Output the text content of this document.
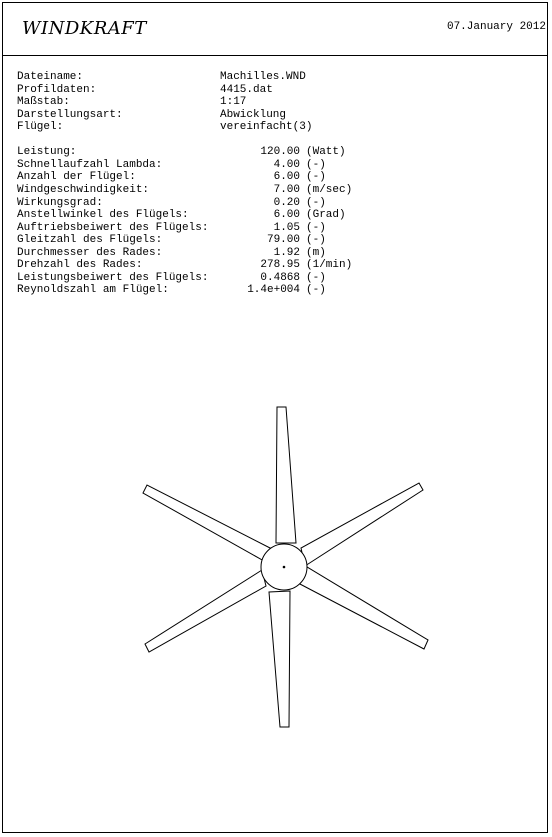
WINDKRAFT	07.January 2012
Dateiname:	Machilles.WND
Profildaten:	4415.dat
Maßstab:	1:17
Darstellungsart:	Abwicklung
Flügel:	vereinfacht(3)
Leistung:	120.00 (Watt)
Schnellaufzahl Lambda:	4.00 (-)
Anzahl der Flügel:	6.00 (-)
Windgeschwindigkeit:	7.00 (m/sec)
Wirkungsgrad:	0.20 (-)
Anstellwinkel des Flügels:	6.00 (Grad)
Auftriebsbeiwert des Flügels:	1.05 (-)
Gleitzahl des Flügels:	79.00 (-)
Durchmesser des Rades:	1.92 (m)
Drehzahl des Rades:	278.95 (1/min)
Leistungsbeiwert des Flügels:	0.4868 (-)
Reynoldszahl am Flügel:	1.4e+004 (-)
